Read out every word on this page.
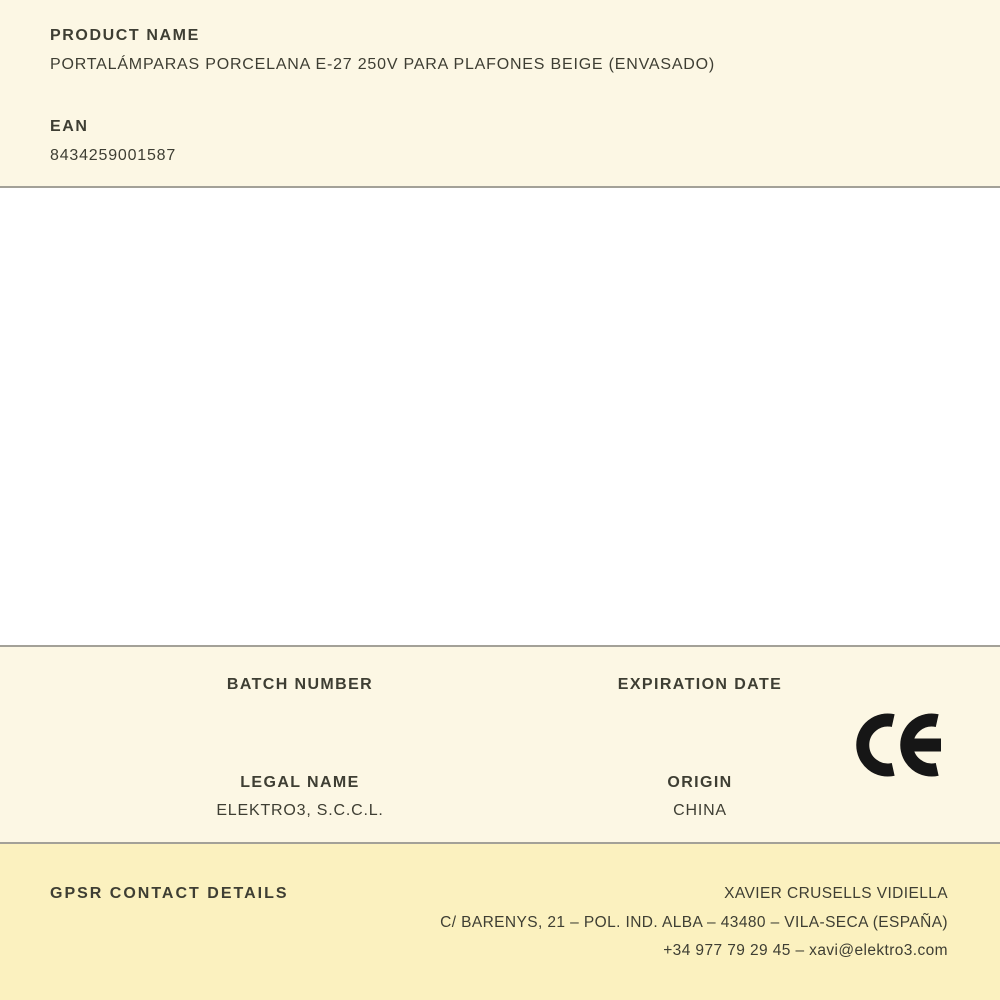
PRODUCT NAME
PORTALÁMPARAS PORCELANA E-27 250V PARA PLAFONES BEIGE (ENVASADO)
EAN
8434259001587
BATCH NUMBER	EXPIRATION DATE
LEGAL NAME
ELEKTRO3, S.C.C.L.
ORIGIN
CHINA
GPSR CONTACT DETAILS	XAVIER CRUSELLS VIDIELLA
C/ BARENYS, 21 – POL. IND. ALBA – 43480 – VILA-SECA (ESPAÑA)
+34 977 79 29 45 – xavi@elektro3.com
